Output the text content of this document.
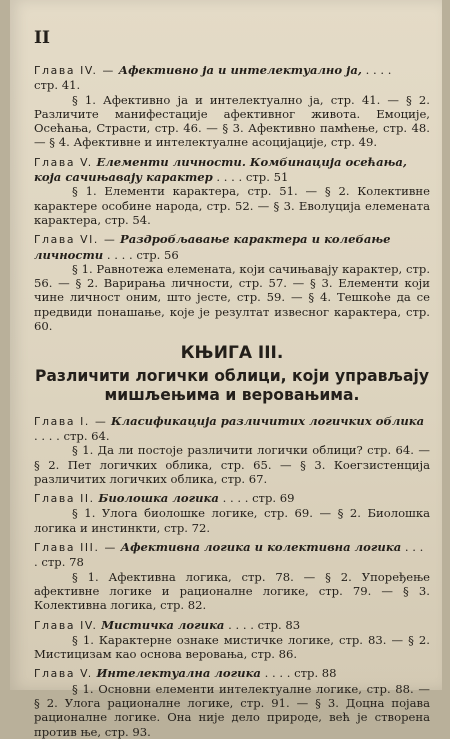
II
Глава IV. — Афективно ја и интелектуално ја, . . . . стр. 41.

§ 1. Афективно ја и интелектуално ја, стр. 41. — § 2. Различите манифестације афективног живота. Емоције, Осећања, Страсти, стр. 46. — § 3. Афективно памћење, стр. 48. — § 4. Афективне и интелектуалне асоцијације, стр. 49.

Глава V. Елементи личности. Комбинација осећања, која сачињавају карактер . . . . стр. 51

§ 1. Елементи карактера, стр. 51. — § 2. Колективне карактере особине народа, стр. 52. — § 3. Еволуција елемената карактера, стр. 54.

Глава VI. — Раздробљавање карактера и колебање личности . . . . стр. 56

§ 1. Равнотежа елемената, који сачињавају карактер, стр. 56. — § 2. Варирања личности, стр. 57. — § 3. Елементи који чине личност оним, што јесте, стр. 59. — § 4. Тешкоће да се предвиди понашање, које је резултат извесног карактера, стр. 60.

КЊИГА III.
Различити логички облици, који управљају мишљењима и веровањима.
Глава I. — Класификација различитих логичких облика . . . . стр. 64.

§ 1. Да ли постоје различити логички облици? стр. 64. — § 2. Пет логичких облика, стр. 65. — § 3. Коегзистенција различитих логичких облика, стр. 67.

Глава II. Биолошка логика . . . . стр. 69

§ 1. Улога биолошке логике, стр. 69. — § 2. Биолошка логика и инстинкти, стр. 72.

Глава III. — Афективна логика и колективна логика . . . . стр. 78

§ 1. Афективна логика, стр. 78. — § 2. Упоређење афективне логике и рационалне логике, стр. 79. — § 3. Колективна логика, стр. 82.

Глава IV. Мистичка логика . . . . стр. 83

§ 1. Карактерне ознаке мистичке логике, стр. 83. — § 2. Мистицизам као основа веровања, стр. 86.

Глава V. Интелектуална логика . . . . стр. 88

§ 1. Основни елементи интелектуалне логике, стр. 88. — § 2. Улога рационалне логике, стр. 91. — § 3. Доцна појава рационалне логике. Она није дело природе, већ је створена против ње, стр. 93.
